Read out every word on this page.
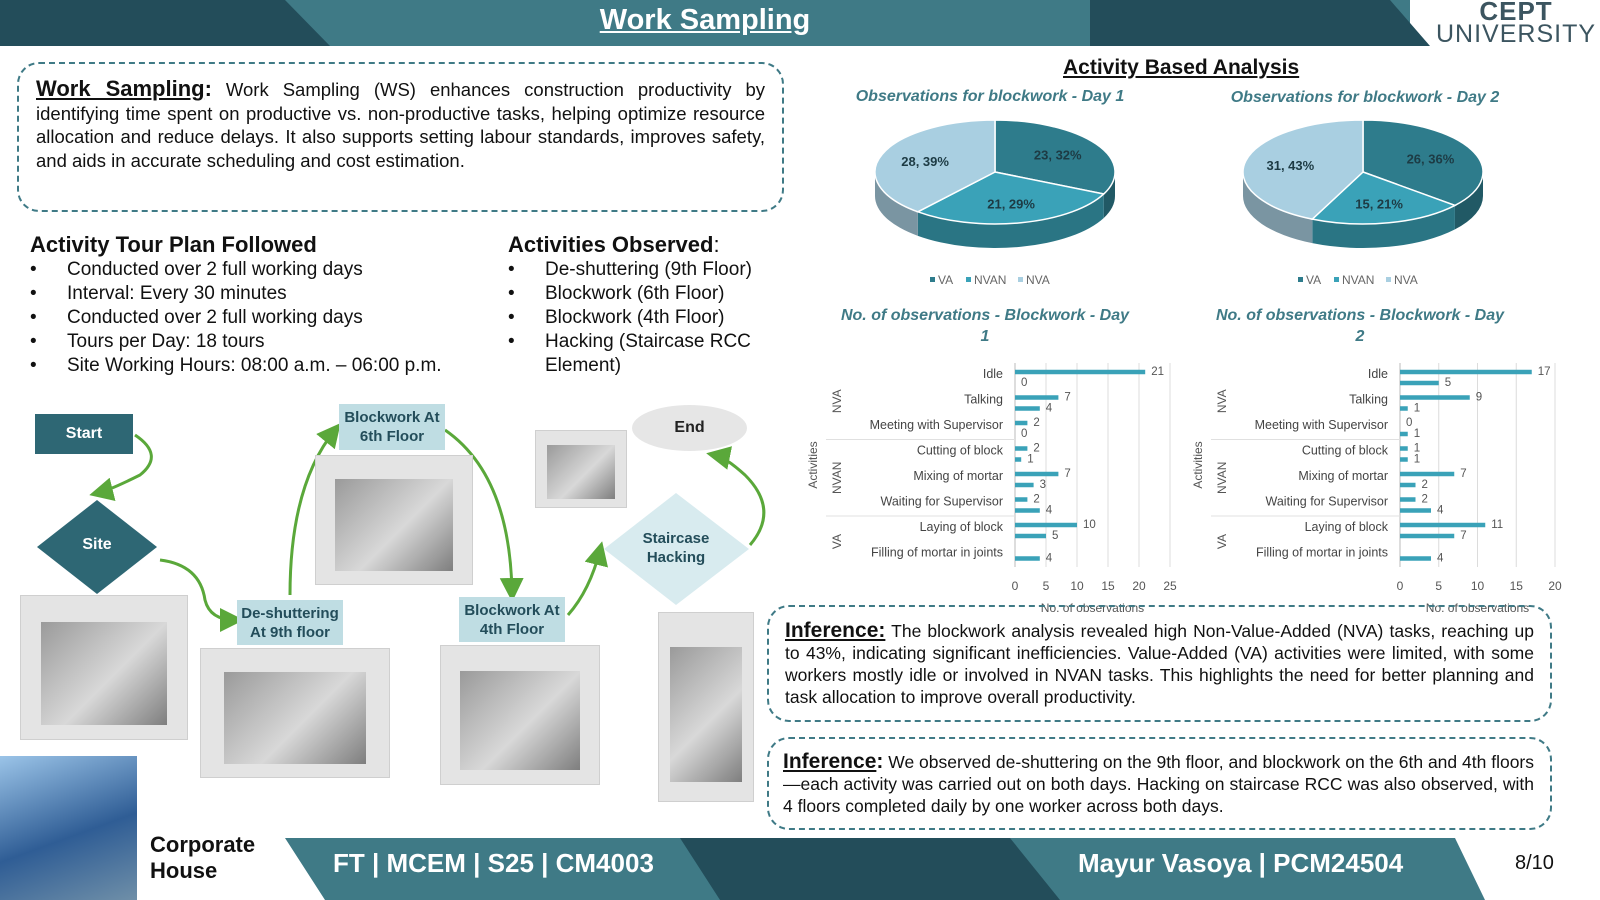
Work Sampling	CEPT
UNIVERSITY
Work Sampling: Work Sampling (WS) enhances construction productivity by identifying time spent on productive vs. non-productive tasks, helping optimize resource allocation and reduce delays. It also supports setting labour standards, improves safety, and aids in accurate scheduling and cost estimation.
Activity Tour Plan Followed
• Conducted over 2 full working days
• Interval: Every 30 minutes
• Conducted over 2 full working days
• Tours per Day: 18 tours
• Site Working Hours: 08:00 a.m. – 06:00 p.m.
Activities Observed:
• De-shuttering (9th Floor)
• Blockwork (6th Floor)
• Blockwork (4th Floor)
• Hacking (Staircase RCC Element)
Start
Site
De-shuttering At 9th floor
Blockwork At 6th Floor
Blockwork At 4th Floor
Staircase Hacking
End
Activity Based Analysis
Observations for blockwork - Day 1	Observations for blockwork - Day 2
23, 32%
21, 29%
28, 39%
VA NVAN NVA
26, 36%
15, 21%
31, 43%
VA NVAN NVA
No. of observations - Blockwork - Day 1
No. of observations - Blockwork - Day 2
0 5 10 15 20 25
No. of observations
Idle	21
0
Talking	7
4
Meeting with Supervisor	2
0
Cutting of block	2
1
Mixing of mortar	7
3
Waiting for Supervisor	2
4
Laying of block	10
5
Filling of mortar in joints	4
NVA
NVAN
VA
Activities
0	5 10 15 20
No. of observations
Idle	17
5
Talking	9
1
Meeting with Supervisor 0
1
Cutting of block 1
1
Mixing of mortar	7
2
Waiting for Supervisor	2
4
Laying of block	11
7
Filling of mortar in joints	4
NVA
NVAN
VA
Activities
Inference: The blockwork analysis revealed high Non-Value-Added (NVA) tasks, reaching up to 43%, indicating significant inefficiencies. Value-Added (VA) activities were limited, with some workers mostly idle or involved in NVAN tasks. This highlights the need for better planning and task allocation to improve overall productivity.
Inference: We observed de-shuttering on the 9th floor, and blockwork on the 6th and 4th floors—each activity was carried out on both days. Hacking on staircase RCC was also observed, with 4 floors completed daily by one worker across both days.
Corporate House	FT | MCEM | S25 | CM4003	Mayur Vasoya | PCM24504	8/10
